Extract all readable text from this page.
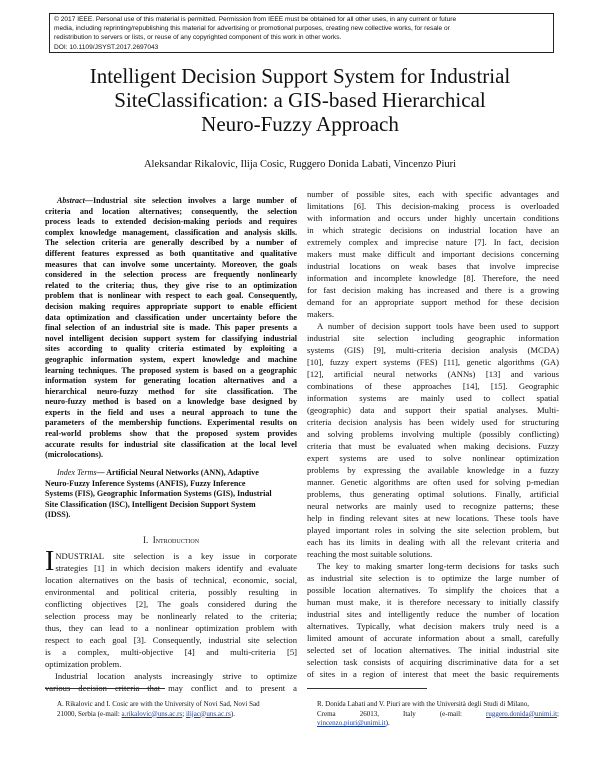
© 2017 IEEE. Personal use of this material is permitted. Permission from IEEE must be obtained for all other uses, in any current or future
media, including reprinting/republishing this material for advertising or promotional purposes, creating new collective works, for resale or
redistribution to servers or lists, or reuse of any copyrighted component of this work in other works.
DOI: 10.1109/JSYST.2017.2697043
Intelligent Decision Support System for Industrial
SiteClassification: a GIS-based Hierarchical
Neuro-Fuzzy Approach
Aleksandar Rikalovic, Ilija Cosic, Ruggero Donida Labati, Vincenzo Piuri
Abstract—Industrial site selection involves a large number of
criteria and location alternatives; consequently, the selection
process leads to extended decision-making periods and requires
complex knowledge management, classification and analysis skills.
The selection criteria are generally described by a number of
different features expressed as both quantitative and qualitative
measures that can involve some uncertainty. Moreover, the goals
considered in the selection process are frequently nonlinearly
related to the criteria; thus, they give rise to an optimization
problem that is nonlinear with respect to each goal. Consequently,
decision making requires appropriate support to enable efficient
data optimization and classification under uncertainty before the
final selection of an industrial site is made. This paper presents a
novel intelligent decision support system for classifying industrial
sites according to quality criteria estimated by exploiting a
geographic information system, expert knowledge and machine
learning techniques. The proposed system is based on a geographic
information system for generating location alternatives and a
hierarchical neuro-fuzzy method for site classification. The
neuro-fuzzy method is based on a knowledge base designed by
experts in the field and uses a neural approach to tune the
parameters of the membership functions. Experimental results on
real-world problems show that the proposed system provides
accurate results for industrial site classification at the local level
(microlocations).
Index Terms— Artificial Neural Networks (ANN), Adaptive
Neuro-Fuzzy Inference Systems (ANFIS), Fuzzy Inference
Systems (FIS), Geographic Information Systems (GIS), Industrial
Site Classification (ISC), Intelligent Decision Support System
(IDSS).
I. Introduction
I NDUSTRIAL site selection is a key issue in corporate
strategies [1] in which decision makers identify and evaluate
location alternatives on the basis of technical, economic, social,
environmental and political criteria, possibly resulting in
conflicting objectives [2], The goals considered during the
selection process may be nonlinearly related to the criteria;
thus, they can lead to a nonlinear optimization problem with
respect to each goal [3]. Consequently, industrial site selection
is a complex, multi-objective [4] and multi-criteria [5]
optimization problem.
Industrial location analysts increasingly strive to optimize
various decision criteria that may conflict and to present a
number of possible sites, each with specific advantages and
limitations [6]. This decision-making process is overloaded
with information and occurs under highly uncertain conditions
in which strategic decisions on industrial location have an
extremely complex and imprecise nature [7]. In fact, decision
makers must make difficult and important decisions concerning
industrial locations on weak bases that involve imprecise
information and incomplete knowledge [8]. Therefore, the need
for fast decision making has increased and there is a growing
demand for an appropriate support method for these decision
makers.
A number of decision support tools have been used to support
industrial site selection including geographic information
systems (GIS) [9], multi-criteria decision analysis (MCDA)
[10], fuzzy expert systems (FES) [11], genetic algorithms (GA)
[12], artificial neural networks (ANNs) [13] and various
combinations of these approaches [14], [15]. Geographic
information systems are mainly used to collect spatial
(geographic) data and support their spatial analyses. Multi-
criteria decision analysis has been widely used for structuring
and solving problems involving multiple (possibly conflicting)
criteria that must be evaluated when making decisions. Fuzzy
expert systems are used to solve nonlinear optimization
problems by expressing the available knowledge in a fuzzy
manner. Genetic algorithms are often used for solving p-median
problems, thus generating optimal solutions. Finally, artificial
neural networks are mainly used to recognize patterns; these
help in finding relevant sites at new locations. These tools have
played important roles in solving the site selection problem, but
each has its limits in dealing with all the relevant criteria and
reaching the most suitable solutions.
The key to making smarter long-term decisions for tasks such
as industrial site selection is to optimize the large number of
possible location alternatives. To simplify the choices that a
human must make, it is therefore necessary to initially classify
industrial sites and intelligently reduce the number of location
alternatives. Typically, what decision makers truly need is a
limited amount of accurate information about a small, carefully
selected set of location alternatives. The initial industrial site
selection task consists of acquiring discriminative data for a set
of sites in a region of interest that meet the basic requirements
A. Rikalovic and I. Cosic are with the University of Novi Sad, Novi Sad
21000, Serbia (e-mail: a.rikalovic@uns.ac.rs; ilijac@uns.ac.rs).
R. Donida Labati and V. Piuri are with the Università degli Studi di Milano,
Crema	26013,	Italy	(e-mail:	ruggero.donida@unimi.it;
vincenzo.piuri@unimi.it).
